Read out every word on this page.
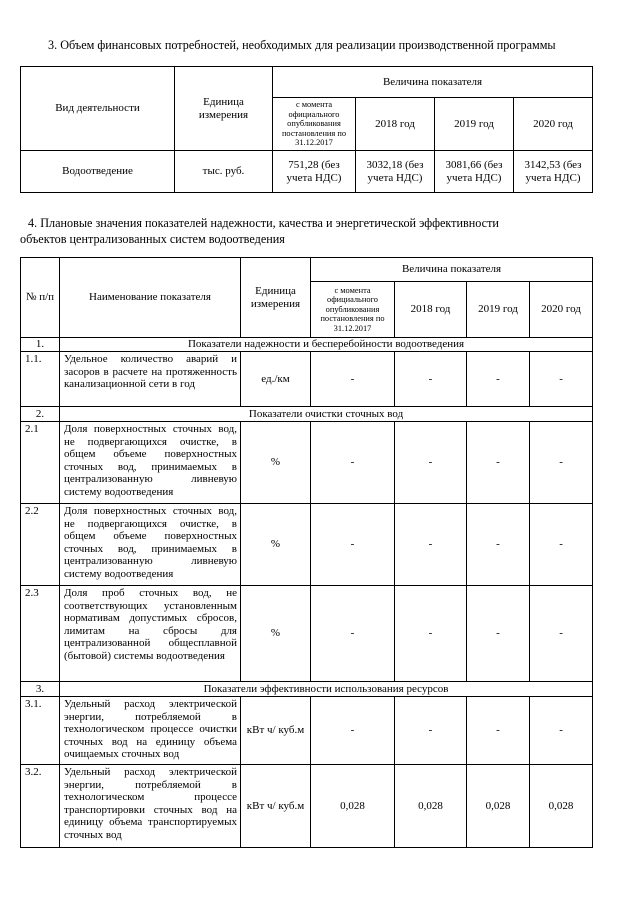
3. Объем финансовых потребностей, необходимых для реализации производственной программы

Вид деятельности	Единица измерения	Величина показателя			
		с момента официального опубликования постановления по 31.12.2017	2018 год	2019 год	2020 год
Водоотведение	тыс. руб.	751,28 (без учета НДС)	3032,18 (без учета НДС)	3081,66 (без учета НДС)	3142,53 (без учета НДС)

4. Плановые значения показателей надежности, качества и энергетической эффективности

объектов централизованных систем водоотведения

№ п/п	Наименование показателя	Единица измерения	Величина показателя			
			с момента официального опубликования постановления по 31.12.2017	2018 год	2019 год	2020 год
1.	Показатели надежности и бесперебойности водоотведения					
1.1.	Удельное количество аварий и засоров в расчете на протяженность канализационной сети в год	ед./км	-	-	-	-
2.	Показатели очистки сточных вод					
2.1	Доля поверхностных сточных вод, не подвергающихся очистке, в общем объеме поверхностных сточных вод, принимаемых в централизованную ливневую систему водоотведения	%	-	-	-	-
2.2	Доля поверхностных сточных вод, не подвергающихся очистке, в общем объеме поверхностных сточных вод, принимаемых в централизованную ливневую систему водоотведения	%	-	-	-	-
2.3	Доля проб сточных вод, не соответствующих установленным нормативам допустимых сбросов, лимитам на сбросы для централизованной общесплавной (бытовой) системы водоотведения	%	-	-	-	-
3.	Показатели эффективности использования ресурсов					
3.1.	Удельный расход электрической энергии, потребляемой в технологическом процессе очистки сточных вод на единицу объема очищаемых сточных вод	кВт ч/ куб.м	-	-	-	-
3.2.	Удельный расход электрической энергии, потребляемой в технологическом процессе транспортировки сточных вод на единицу объема транспортируемых сточных вод	кВт ч/ куб.м	0,028	0,028	0,028	0,028
